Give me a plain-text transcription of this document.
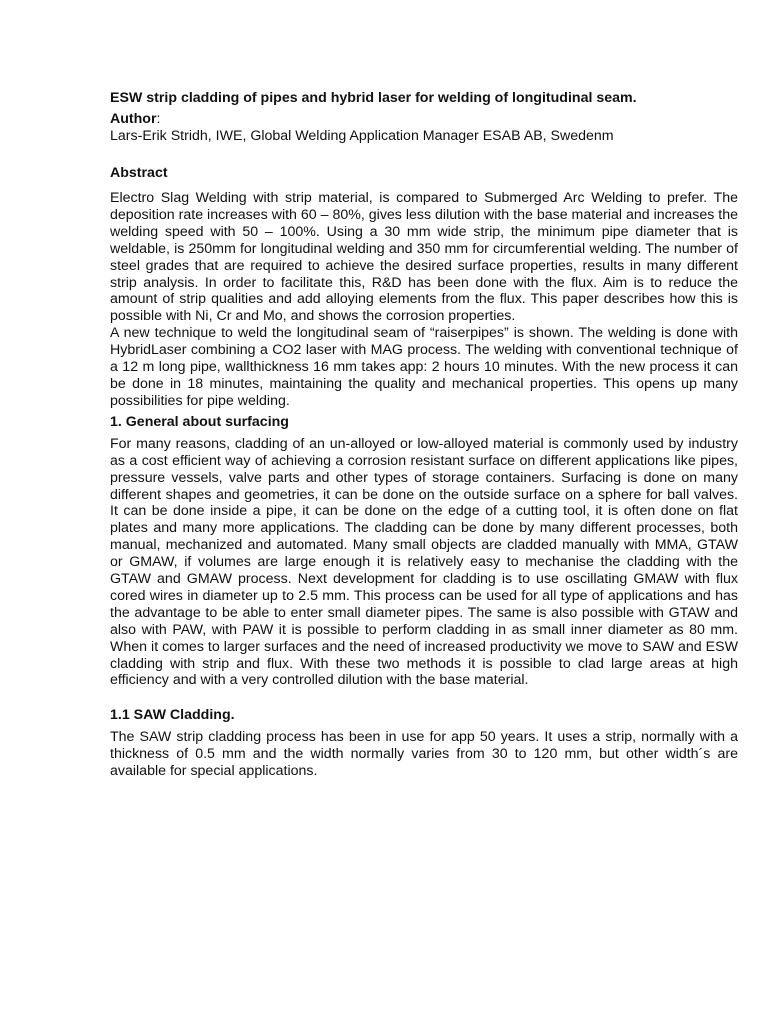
ESW strip cladding of pipes and hybrid laser for welding of longitudinal seam.
Author:
Lars-Erik Stridh, IWE, Global Welding Application Manager ESAB AB, Swedenm
Abstract

Electro Slag Welding with strip material, is compared to Submerged Arc Welding to prefer. The deposition rate increases with 60 – 80%, gives less dilution with the base material and increases the welding speed with 50 – 100%. Using a 30 mm wide strip, the minimum pipe diameter that is weldable, is 250mm for longitudinal welding and 350 mm for circumferential welding. The number of steel grades that are required to achieve the desired surface properties, results in many different strip analysis. In order to facilitate this, R&D has been done with the flux. Aim is to reduce the amount of strip qualities and add alloying elements from the flux. This paper describes how this is possible with Ni, Cr and Mo, and shows the corrosion properties.

A new technique to weld the longitudinal seam of “raiserpipes” is shown. The welding is done with HybridLaser combining a CO2 laser with MAG process. The welding with conventional technique of a 12 m long pipe, wallthickness 16 mm takes app: 2 hours 10 minutes. With the new process it can be done in 18 minutes, maintaining the quality and mechanical properties. This opens up many possibilities for pipe welding.

1. General about surfacing

For many reasons, cladding of an un-alloyed or low-alloyed material is commonly used by industry as a cost efficient way of achieving a corrosion resistant surface on different applications like pipes, pressure vessels, valve parts and other types of storage containers. Surfacing is done on many different shapes and geometries, it can be done on the outside surface on a sphere for ball valves. It can be done inside a pipe, it can be done on the edge of a cutting tool, it is often done on flat plates and many more applications. The cladding can be done by many different processes, both manual, mechanized and automated. Many small objects are cladded manually with MMA, GTAW or GMAW, if volumes are large enough it is relatively easy to mechanise the cladding with the GTAW and GMAW process. Next development for cladding is to use oscillating GMAW with flux cored wires in diameter up to 2.5 mm. This process can be used for all type of applications and has the advantage to be able to enter small diameter pipes. The same is also possible with GTAW and also with PAW, with PAW it is possible to perform cladding in as small inner diameter as 80 mm. When it comes to larger surfaces and the need of increased productivity we move to SAW and ESW cladding with strip and flux. With these two methods it is possible to clad large areas at high efficiency and with a very controlled dilution with the base material.

1.1 SAW Cladding.

The SAW strip cladding process has been in use for app 50 years. It uses a strip, normally with a thickness of 0.5 mm and the width normally varies from 30 to 120 mm, but other width´s are available for special applications.
